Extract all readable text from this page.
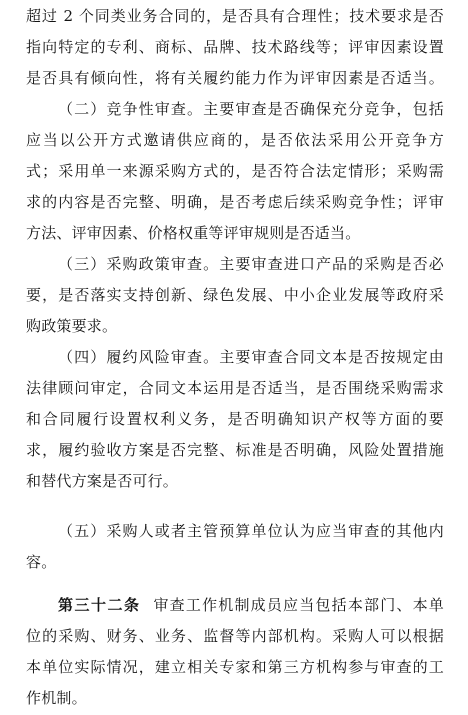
超过 2 个同类业务合同的，是否具有合理性；技术要求是否
指向特定的专利、商标、品牌、技术路线等；评审因素设置
是否具有倾向性，将有关履约能力作为评审因素是否适当。
（二）竞争性审查。主要审查是否确保充分竞争，包括
应当以公开方式邀请供应商的，是否依法采用公开竞争方
式；采用单一来源采购方式的，是否符合法定情形；采购需
求的内容是否完整、明确，是否考虑后续采购竞争性；评审
方法、评审因素、价格权重等评审规则是否适当。
（三）采购政策审查。主要审查进口产品的采购是否必
要，是否落实支持创新、绿色发展、中小企业发展等政府采
购政策要求。
（四）履约风险审查。主要审查合同文本是否按规定由
法律顾问审定，合同文本运用是否适当，是否围绕采购需求
和合同履行设置权利义务，是否明确知识产权等方面的要
求，履约验收方案是否完整、标准是否明确，风险处置措施
和替代方案是否可行。
（五）采购人或者主管预算单位认为应当审查的其他内
容。
第三十二条 审查工作机制成员应当包括本部门、本单
位的采购、财务、业务、监督等内部机构。采购人可以根据
本单位实际情况，建立相关专家和第三方机构参与审查的工
作机制。
